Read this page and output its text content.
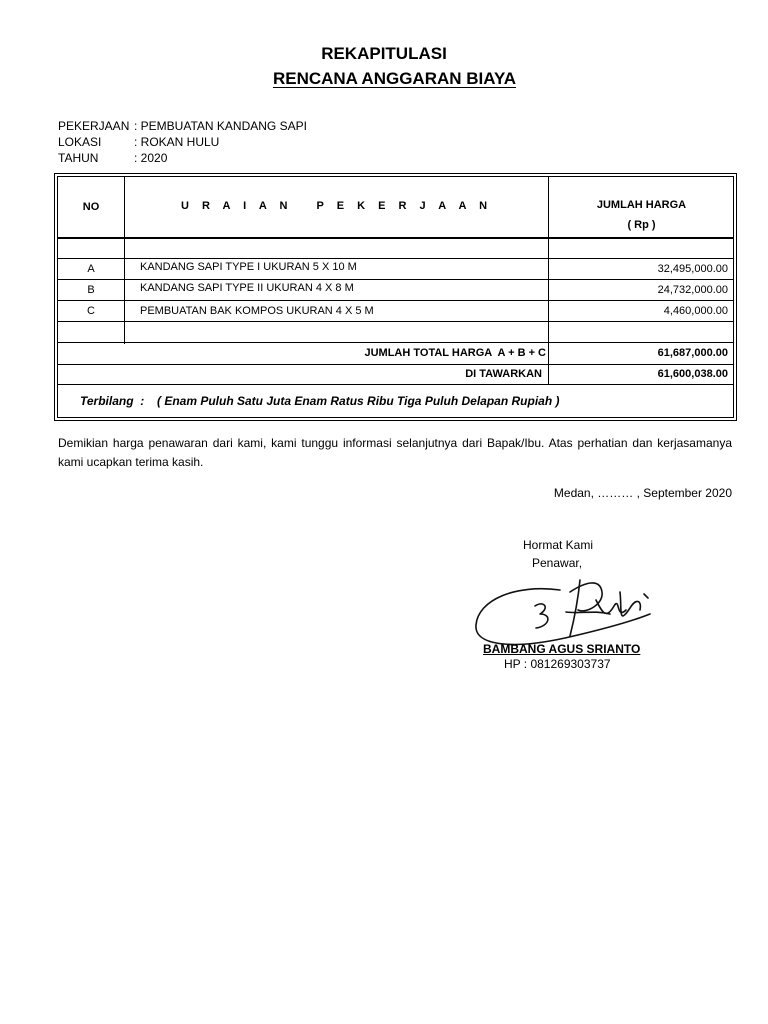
REKAPITULASI
RENCANA ANGGARAN BIAYA
PEKERJAAN : PEMBUATAN KANDANG SAPI
LOKASI	: ROKAN HULU
TAHUN	: 2020
NO	U R A I A N   P E K E R J A A N	JUMLAH HARGA
( Rp )
A	KANDANG SAPI TYPE I UKURAN 5 X 10 M	32,495,000.00
B	KANDANG SAPI TYPE II UKURAN 4 X 8 M	24,732,000.00
C	PEMBUATAN BAK KOMPOS UKURAN 4 X 5 M	4,460,000.00
JUMLAH TOTAL HARGA  A + B + C	61,687,000.00
DI TAWARKAN	61,600,038.00
Terbilang  : ( Enam Puluh Satu Juta Enam Ratus Ribu Tiga Puluh Delapan Rupiah )

Demikian harga penawaran dari kami, kami tunggu informasi selanjutnya dari Bapak/Ibu. Atas perhatian dan kerjasamanya kami ucapkan terima kasih.

Medan, ……… , September 2020
Hormat Kami
Penawar,
BAMBANG AGUS SRIANTO
HP : 081269303737
